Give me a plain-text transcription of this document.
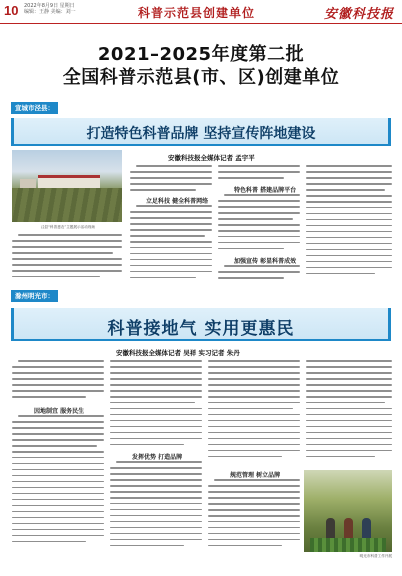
10 2022年8月9日 星期日
编辑：王静 美编：刘一	科普示范县创建单位	安徽科技报
2021–2025年度第二批
全国科普示范县(市、区)创建单位
宣城市泾县：
打造特色科普品牌 坚持宣传阵地建设
安徽科技报全媒体记者 孟宇平
泾县“科普惠农”主题展示活动现场
立足科技 健全科普网络
特色科普 搭建品牌平台
加强宣传 彰显科普成效
滁州明光市：
科普接地气 实用更惠民
安徽科技报全媒体记者 吴祥 实习记者 朱丹
因地制宜 服务民生
发挥优势 打造品牌
规范管理 树立品牌
明光市科普工作开展
